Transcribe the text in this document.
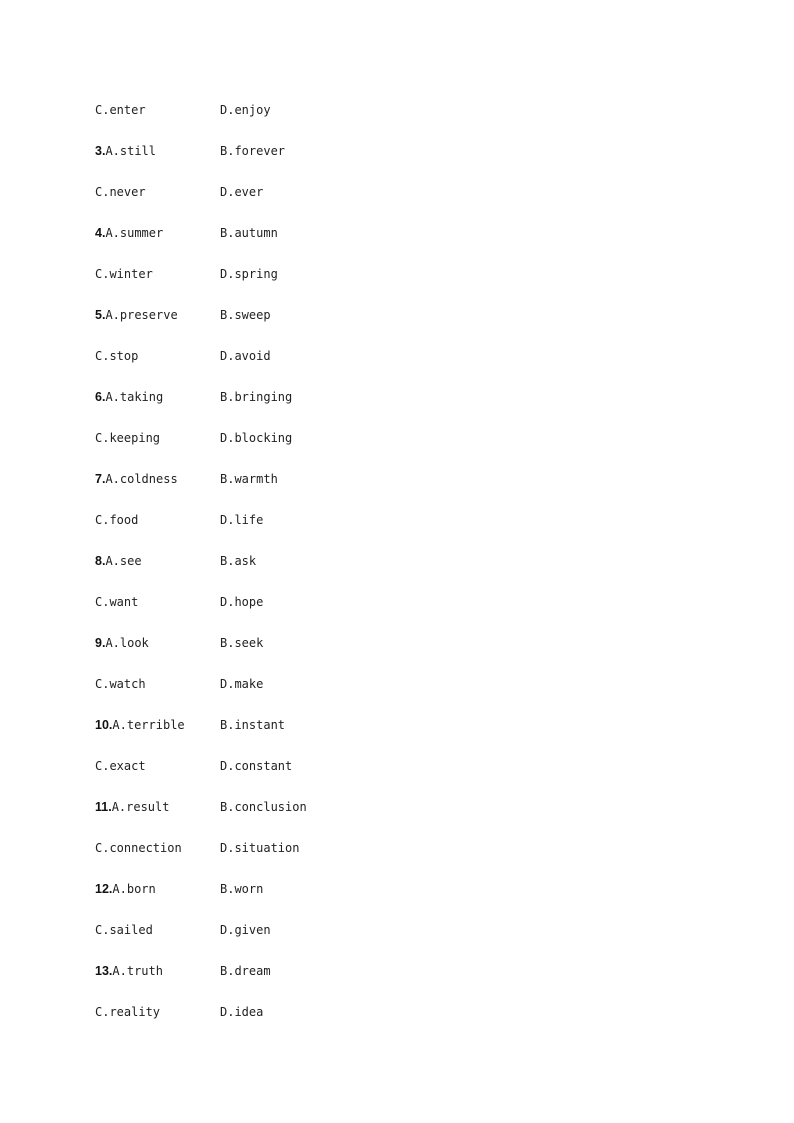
C.enter	D.enjoy
3.A.still	B.forever
C.never	D.ever
4.A.summer	B.autumn
C.winter	D.spring
5.A.preserve	B.sweep
C.stop	D.avoid
6.A.taking	B.bringing
C.keeping	D.blocking
7.A.coldness	B.warmth
C.food	D.life
8.A.see	B.ask
C.want	D.hope
9.A.look	B.seek
C.watch	D.make
10.A.terrible	B.instant
C.exact	D.constant
11.A.result	B.conclusion
C.connection	D.situation
12.A.born	B.worn
C.sailed	D.given
13.A.truth	B.dream
C.reality	D.idea
